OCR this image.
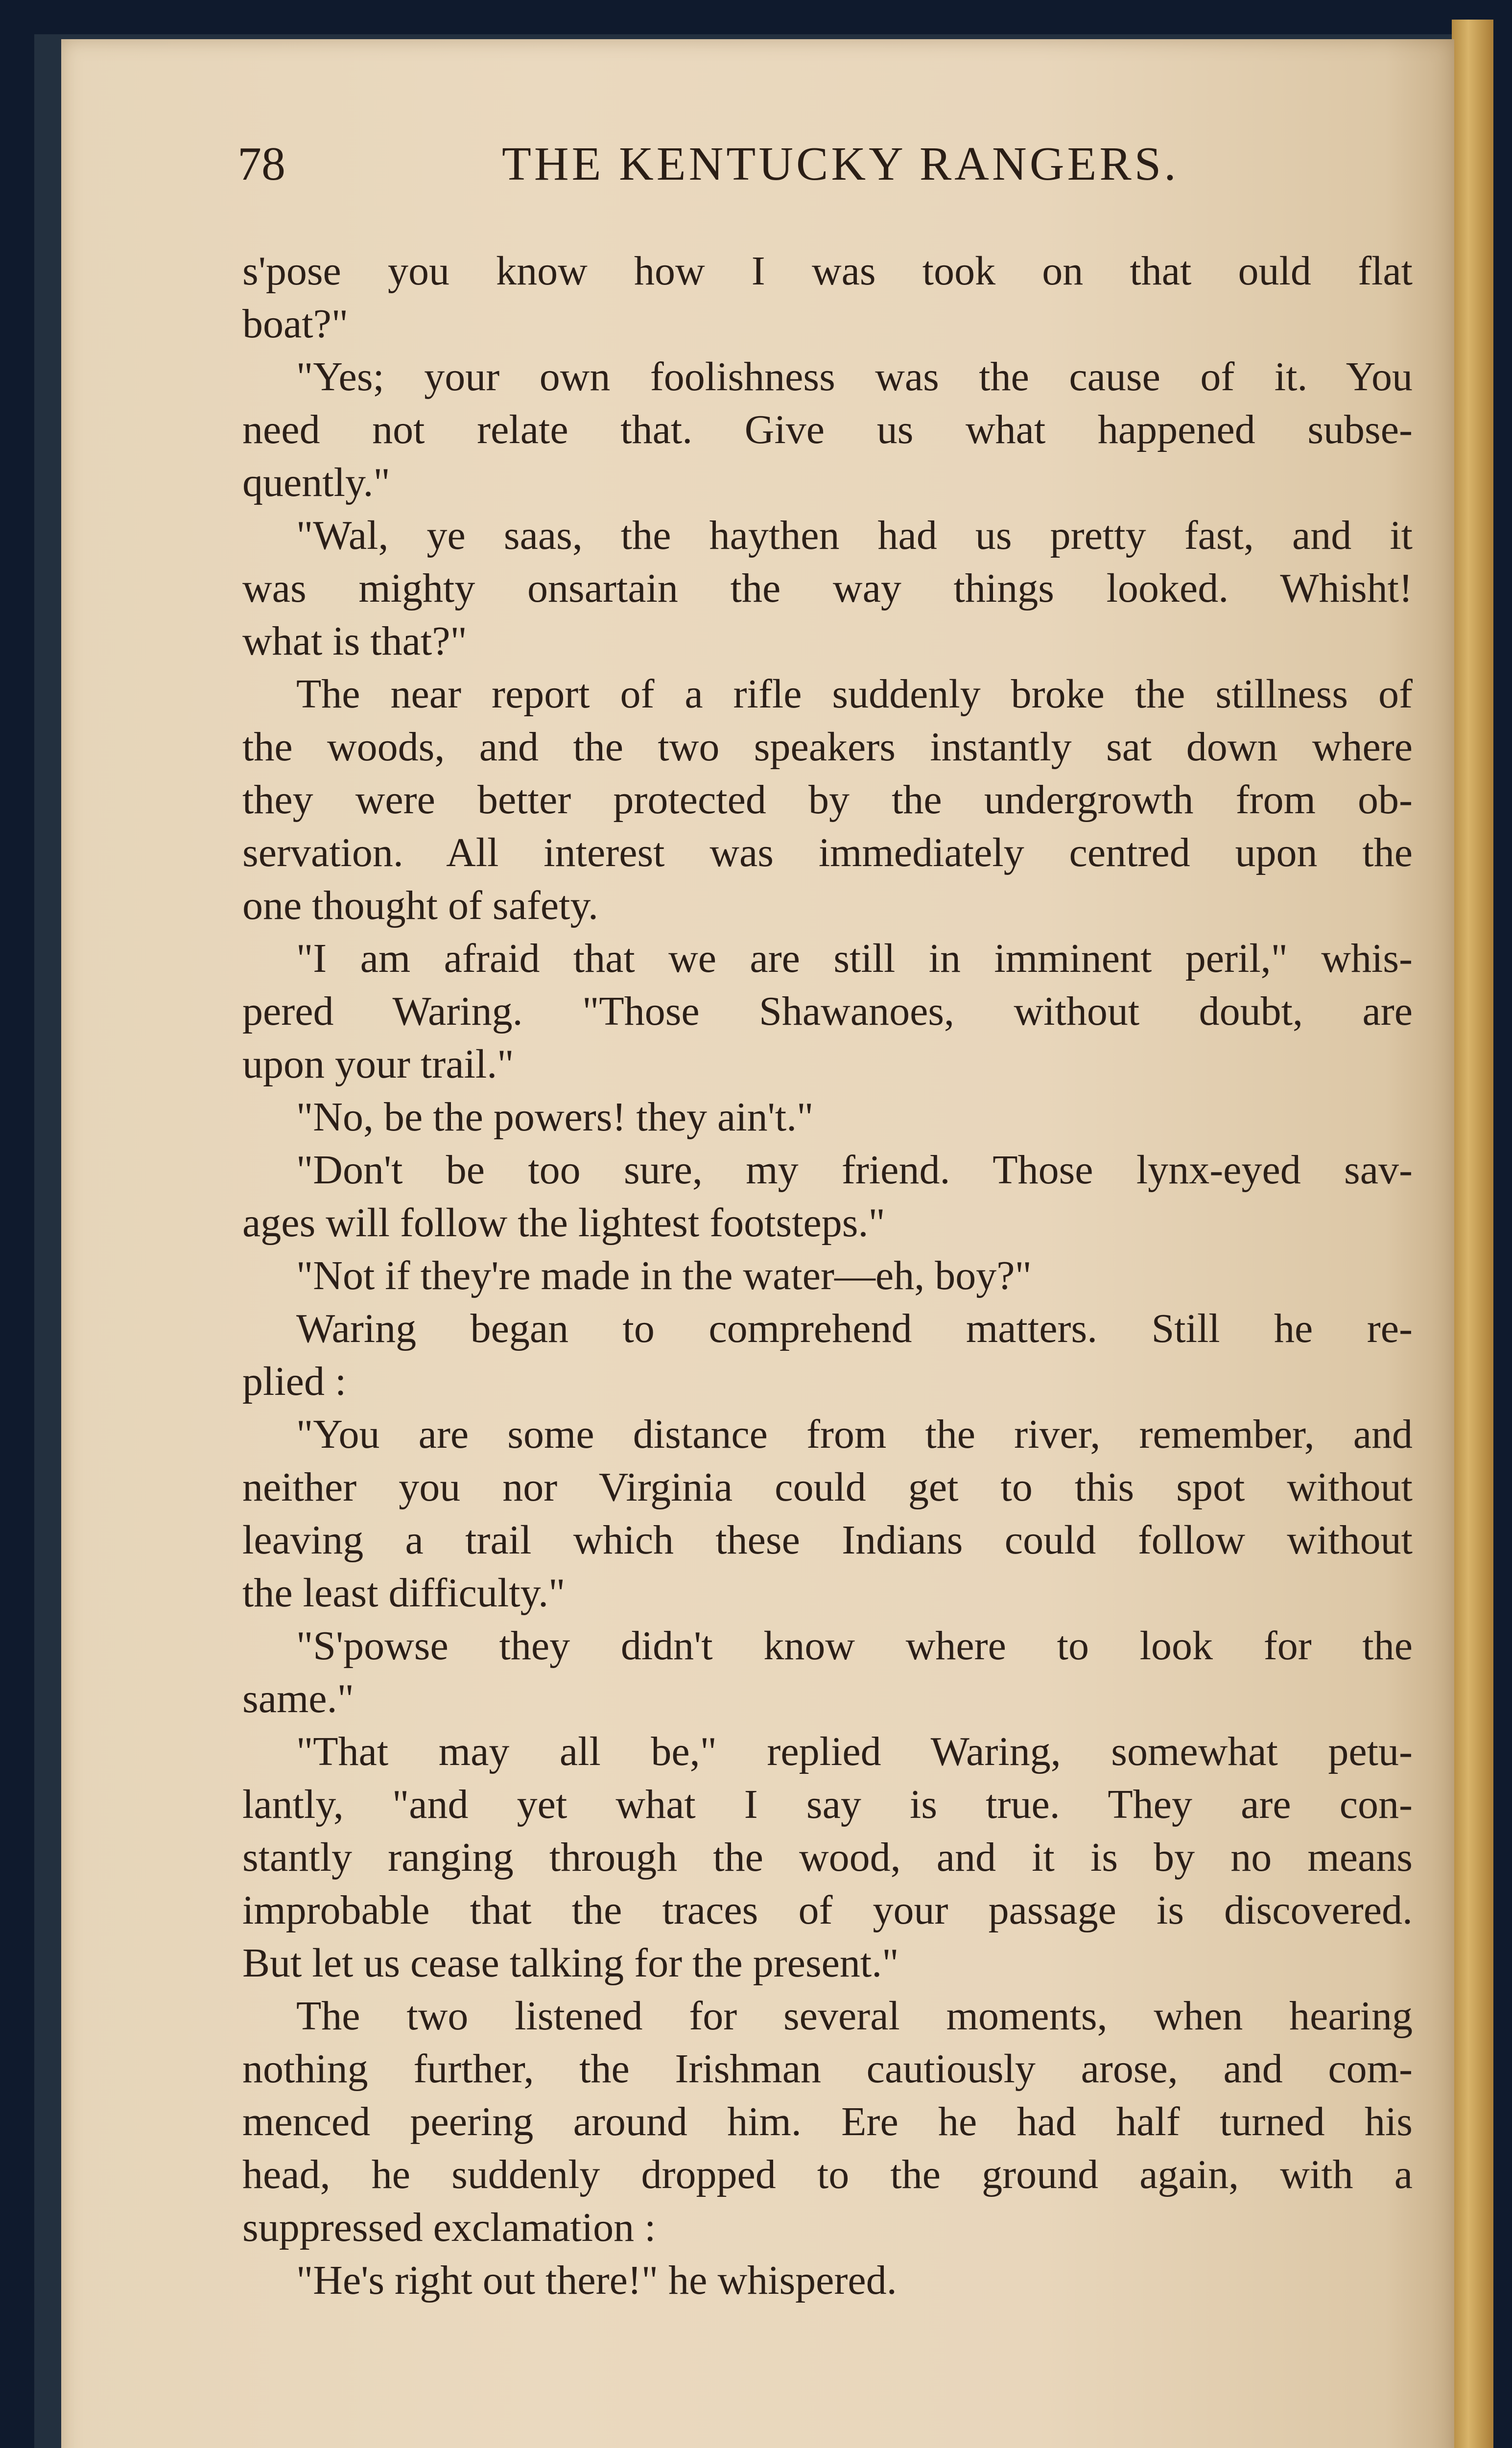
78	THE KENTUCKY RANGERS.
s'pose you know how I was took on that ould flat
boat?"
"Yes; your own foolishness was the cause of it. You
need not relate that. Give us what happened subse-
quently."
"Wal, ye saas, the haythen had us pretty fast, and it
was mighty onsartain the way things looked. Whisht!
what is that?"
The near report of a rifle suddenly broke the stillness of
the woods, and the two speakers instantly sat down where
they were better protected by the undergrowth from ob-
servation. All interest was immediately centred upon the
one thought of safety.
"I am afraid that we are still in imminent peril," whis-
pered Waring. "Those Shawanoes, without doubt, are
upon your trail."
"No, be the powers! they ain't."
"Don't be too sure, my friend. Those lynx-eyed sav-
ages will follow the lightest footsteps."
"Not if they're made in the water—eh, boy?"
Waring began to comprehend matters. Still he re-
plied :
"You are some distance from the river, remember, and
neither you nor Virginia could get to this spot without
leaving a trail which these Indians could follow without
the least difficulty."
"S'powse they didn't know where to look for the
same."
"That may all be," replied Waring, somewhat petu-
lantly, "and yet what I say is true. They are con-
stantly ranging through the wood, and it is by no means
improbable that the traces of your passage is discovered.
But let us cease talking for the present."
The two listened for several moments, when hearing
nothing further, the Irishman cautiously arose, and com-
menced peering around him. Ere he had half turned his
head, he suddenly dropped to the ground again, with a
suppressed exclamation :
"He's right out there!" he whispered.
